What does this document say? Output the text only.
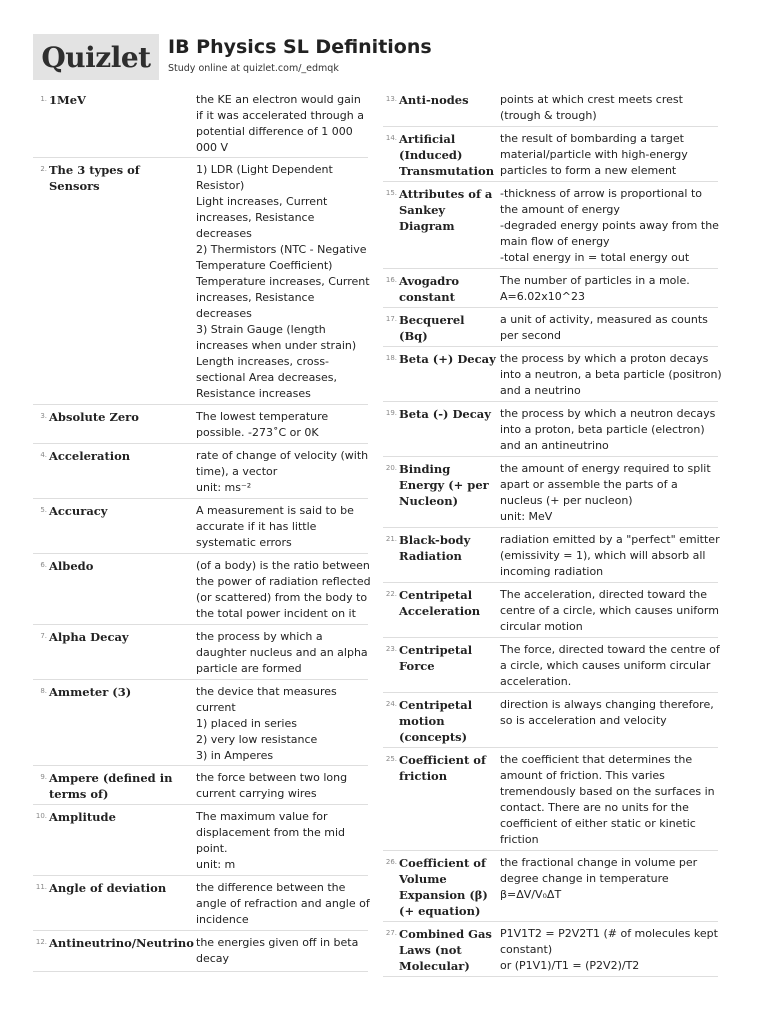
Quizlet IB Physics SL Definitions
Study online at quizlet.com/_edmqk
1. 1MeV	the KE an electron would gain if it was accelerated through a potential difference of 1 000 000 V
2. The 3 types of Sensors
1) LDR (Light Dependent Resistor)
Light increases, Current increases, Resistance decreases
2) Thermistors (NTC - Negative Temperature Coefficient)
Temperature increases, Current increases, Resistance decreases
3) Strain Gauge (length increases when under strain)
Length increases, cross-sectional Area decreases, Resistance increases
3. Absolute Zero	The lowest temperature possible. -273˚C or 0K
4. Acceleration	rate of change of velocity (with time), a vector
unit: ms⁻²
5. Accuracy	A measurement is said to be accurate if it has little systematic errors
6. Albedo	(of a body) is the ratio between the power of radiation reflected (or scattered) from the body to the total power incident on it
7. Alpha Decay	the process by which a daughter nucleus and an alpha particle are formed
8. Ammeter (3)	the device that measures current
1) placed in series
2) very low resistance
3) in Amperes
9. Ampere (defined in terms of)
the force between two long current carrying wires
10. Amplitude	The maximum value for displacement from the mid point.
unit: m
11. Angle of deviation	the difference between the angle of refraction and angle of incidence
12. Antineutrino/Neutrino the energies given off in beta decay
13. Anti-nodes	points at which crest meets crest (trough & trough)
14. Artificial (Induced) Transmutation
the result of bombarding a target material/particle with high-energy particles to form a new element
15. Attributes of a Sankey Diagram
-thickness of arrow is proportional to the amount of energy
-degraded energy points away from the main flow of energy
-total energy in = total energy out
16. Avogadro constant
The number of particles in a mole.
A=6.02x10^23
17. Becquerel (Bq)
a unit of activity, measured as counts per second
18. Beta (+) Decay the process by which a proton decays into a neutron, a beta particle (positron) and a neutrino
19. Beta (-) Decay the process by which a neutron decays into a proton, beta particle (electron) and an antineutrino
20. Binding Energy (+ per Nucleon)
the amount of energy required to split apart or assemble the parts of a nucleus (+ per nucleon)
unit: MeV
21. Black-body Radiation
radiation emitted by a "perfect" emitter (emissivity = 1), which will absorb all incoming radiation
22. Centripetal Acceleration
The acceleration, directed toward the centre of a circle, which causes uniform circular motion
23. Centripetal Force
The force, directed toward the centre of a circle, which causes uniform circular acceleration.
24. Centripetal motion (concepts)
direction is always changing therefore, so is acceleration and velocity
25. Coefficient of friction
the coefficient that determines the amount of friction. This varies tremendously based on the surfaces in contact. There are no units for the coefficient of either static or kinetic friction
26. Coefficient of Volume Expansion (β) (+ equation)
the fractional change in volume per degree change in temperature
β=ΔV/V₀ΔT
27. Combined Gas Laws (not Molecular)
P1V1T2 = P2V2T1 (# of molecules kept constant)
or (P1V1)/T1 = (P2V2)/T2
